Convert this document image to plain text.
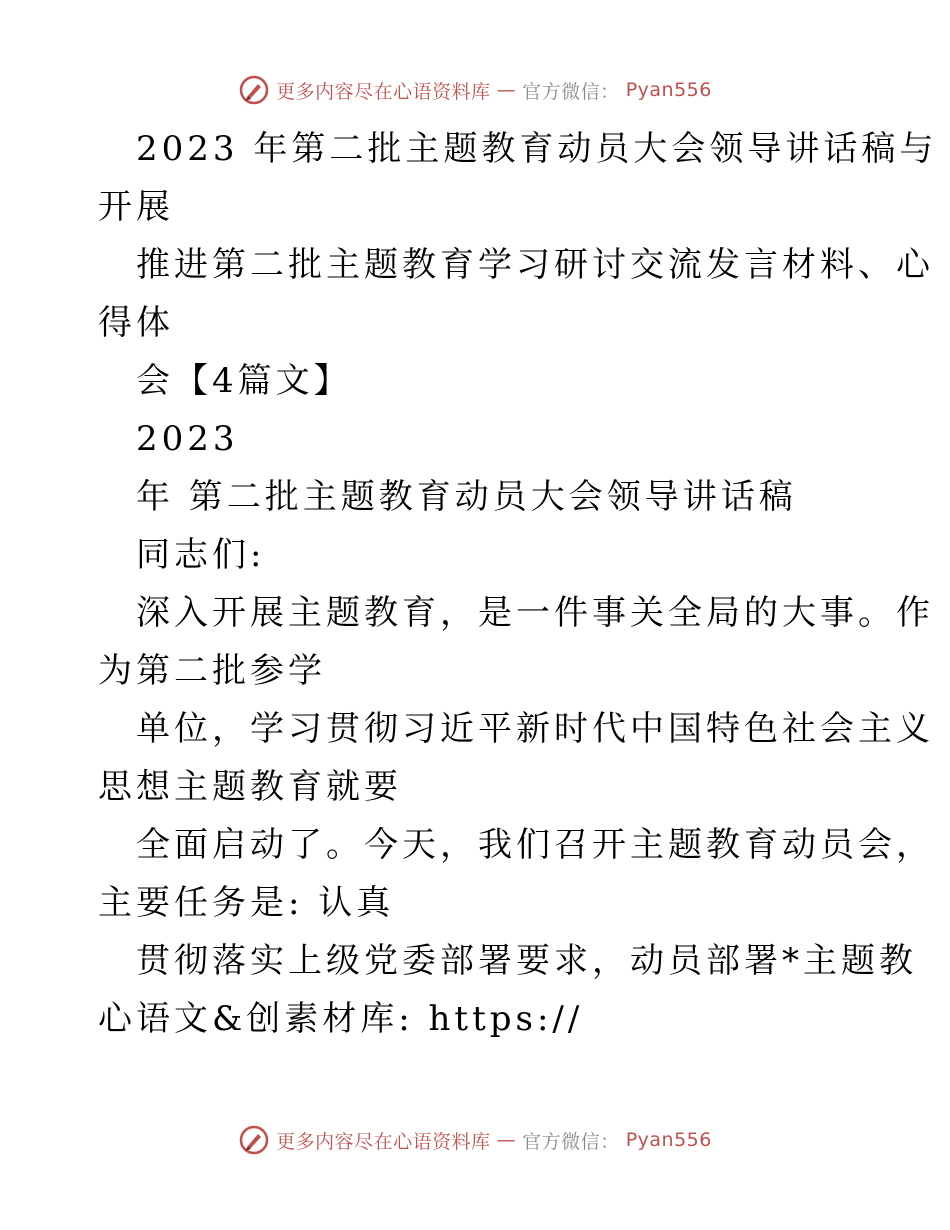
更多内容尽在心语资料库 — 官方微信： Pyan556
2023 年第二批主题教育动员大会领导讲话稿与
开展
推进第二批主题教育学习研讨交流发言材料、心
得体
会【4篇文】
2023
年 第二批主题教育动员大会领导讲话稿
同志们:
深入开展主题教育，是一件事关全局的大事。作
为第二批参学
单位，学习贯彻习近平新时代中国特色社会主义
思想主题教育就要
全面启动了。今天，我们召开主题教育动员会，
主要任务是: 认真
贯彻落实上级党委部署要求，动员部署*主题教
心语文&创素材库: https://
更多内容尽在心语资料库 — 官方微信： Pyan556
